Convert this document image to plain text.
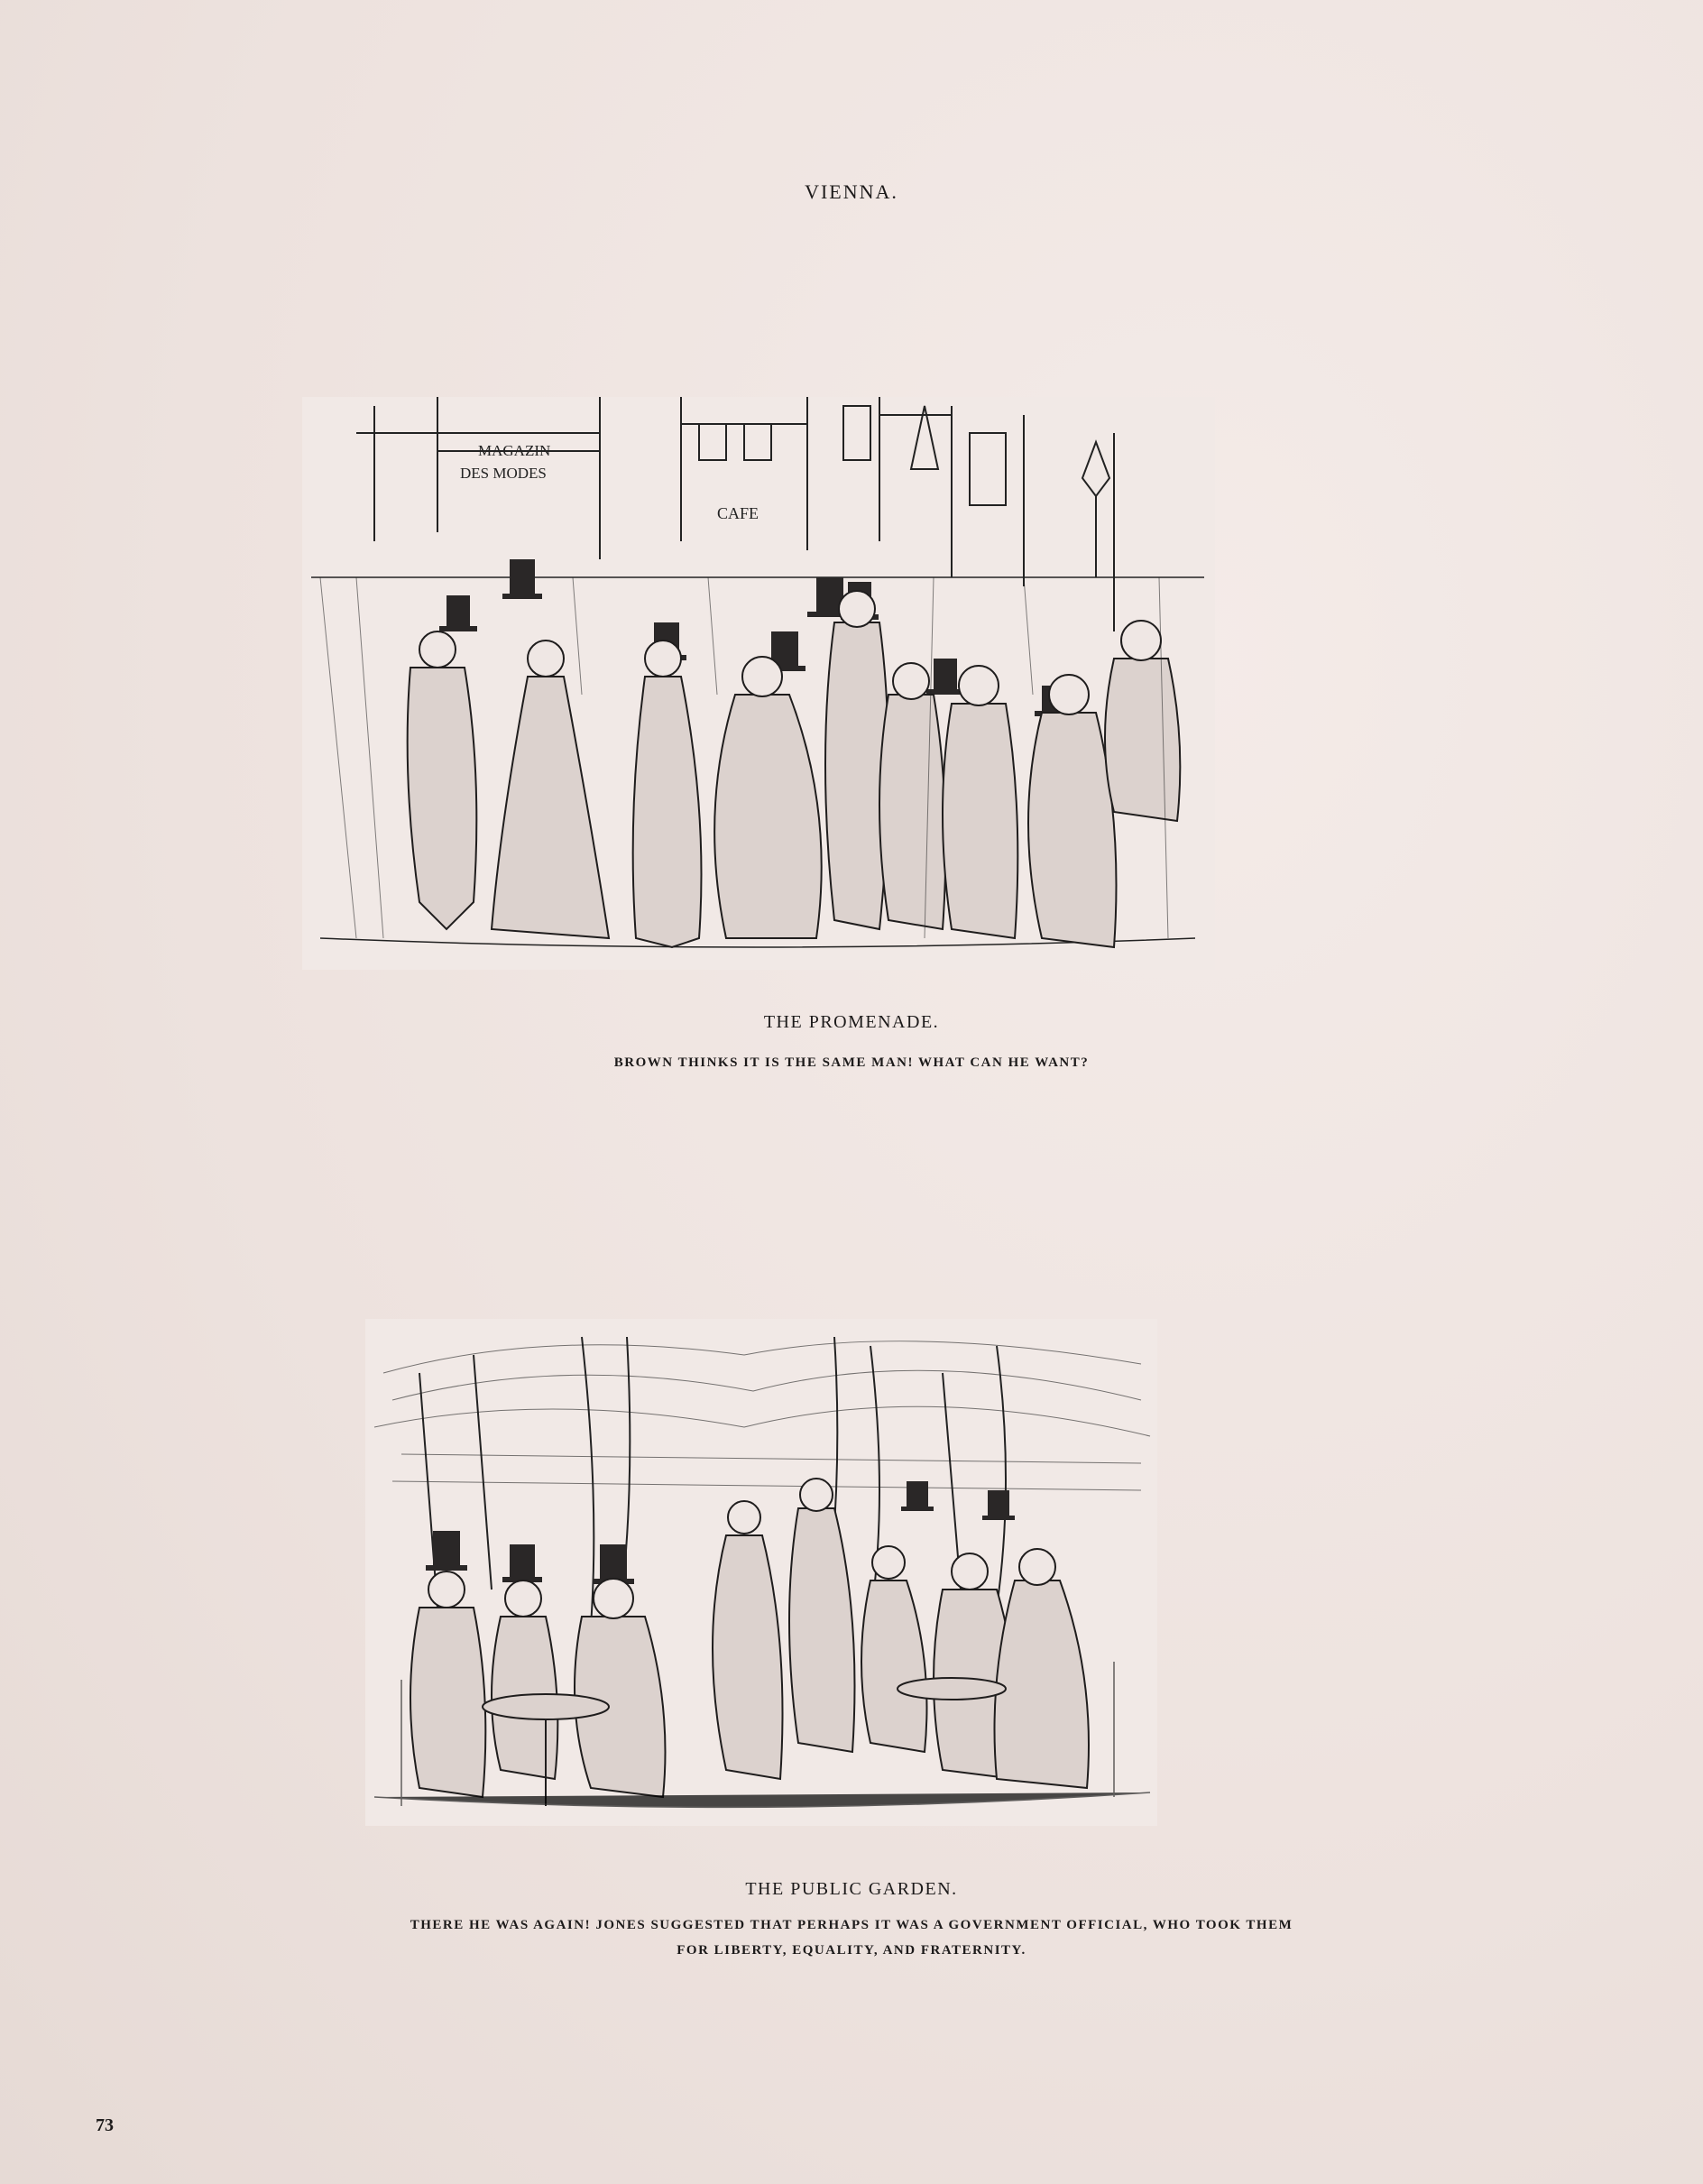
VIENNA.
MAGAZIN
DES MODES
CAFE
THE PROMENADE.
BROWN THINKS IT IS THE SAME MAN! WHAT CAN HE WANT?
THE PUBLIC GARDEN.
THERE HE WAS AGAIN! JONES SUGGESTED THAT PERHAPS IT WAS A GOVERNMENT OFFICIAL, WHO TOOK THEM
FOR LIBERTY, EQUALITY, AND FRATERNITY.
73
